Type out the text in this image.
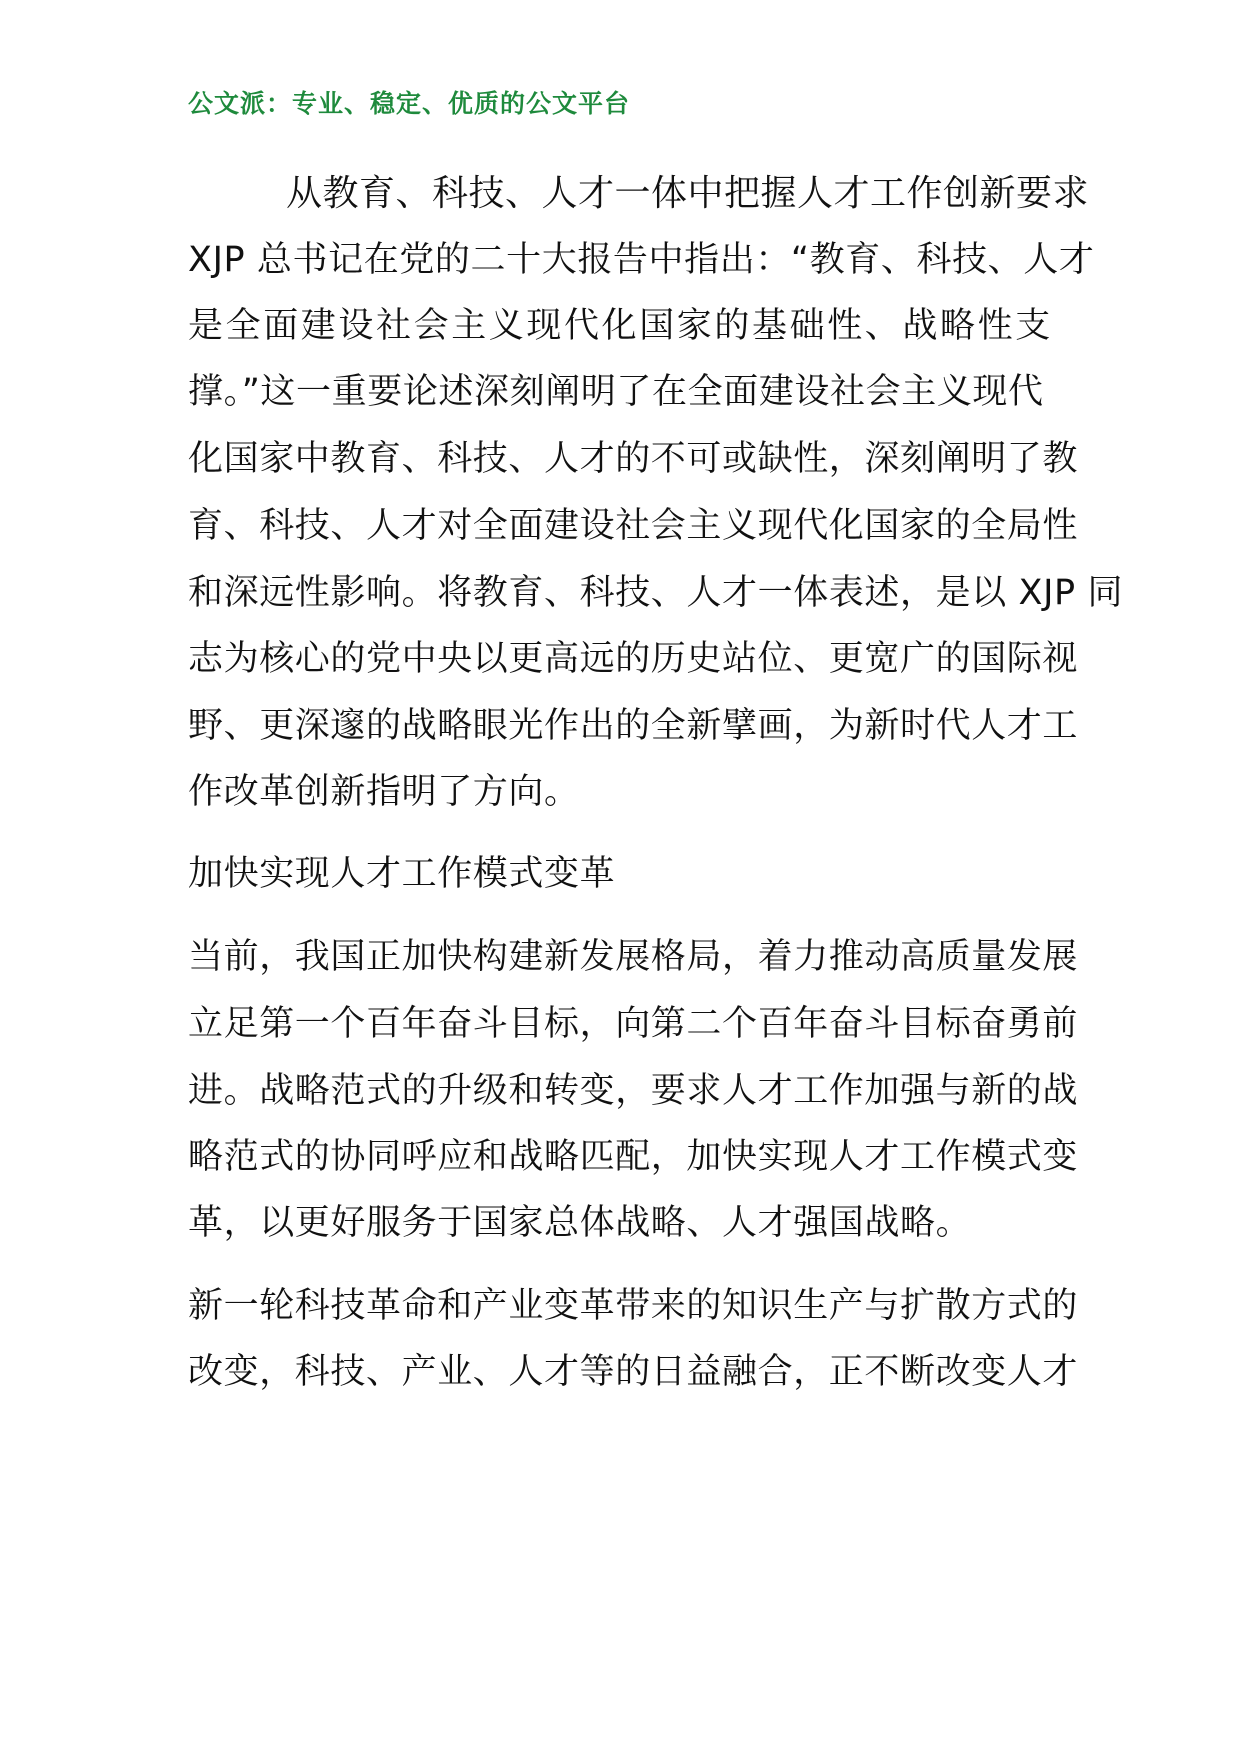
公文派：专业、稳定、优质的公文平台
从教育、科技、人才一体中把握人才工作创新要求
XJP 总书记在党的二十大报告中指出：“教育、科技、人才
是全面建设社会主义现代化国家的基础性、战略性支
撑。”这一重要论述深刻阐明了在全面建设社会主义现代
化国家中教育、科技、人才的不可或缺性，深刻阐明了教
育、科技、人才对全面建设社会主义现代化国家的全局性
和深远性影响。将教育、科技、人才一体表述，是以 XJP 同
志为核心的党中央以更高远的历史站位、更宽广的国际视
野、更深邃的战略眼光作出的全新擘画，为新时代人才工
作改革创新指明了方向。
加快实现人才工作模式变革
当前，我国正加快构建新发展格局，着力推动高质量发展
立足第一个百年奋斗目标，向第二个百年奋斗目标奋勇前
进。战略范式的升级和转变，要求人才工作加强与新的战
略范式的协同呼应和战略匹配，加快实现人才工作模式变
革，以更好服务于国家总体战略、人才强国战略。
新一轮科技革命和产业变革带来的知识生产与扩散方式的
改变，科技、产业、人才等的日益融合，正不断改变人才
